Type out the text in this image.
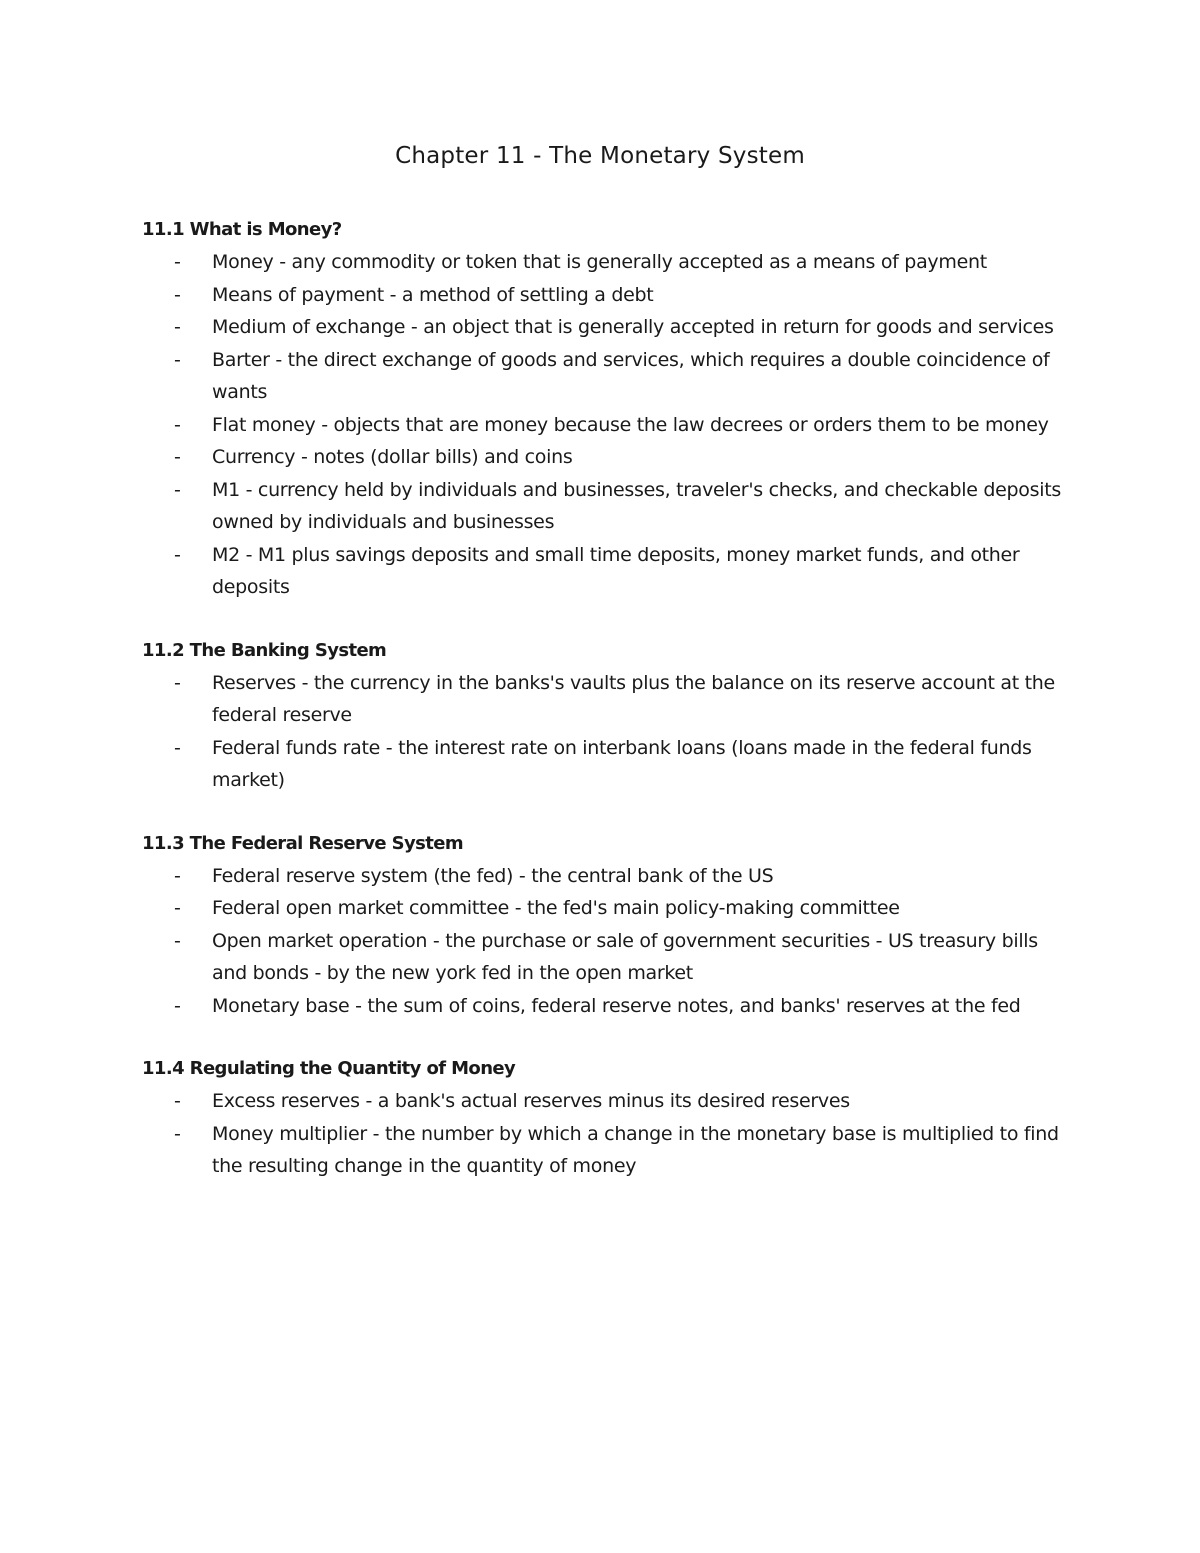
Chapter 11 - The Monetary System
11.1 What is Money?
- Money - any commodity or token that is generally accepted as a means of payment
- Means of payment - a method of settling a debt
- Medium of exchange - an object that is generally accepted in return for goods and services
- Barter - the direct exchange of goods and services, which requires a double coincidence of wants
- Flat money - objects that are money because the law decrees or orders them to be money
- Currency - notes (dollar bills) and coins
- M1 - currency held by individuals and businesses, traveler's checks, and checkable deposits owned by individuals and businesses
- M2 - M1 plus savings deposits and small time deposits, money market funds, and other deposits
11.2 The Banking System
- Reserves - the currency in the banks's vaults plus the balance on its reserve account at the federal reserve
- Federal funds rate - the interest rate on interbank loans (loans made in the federal funds market)
11.3 The Federal Reserve System
- Federal reserve system (the fed) - the central bank of the US
- Federal open market committee - the fed's main policy-making committee
- Open market operation - the purchase or sale of government securities - US treasury bills and bonds - by the new york fed in the open market
- Monetary base - the sum of coins, federal reserve notes, and banks' reserves at the fed
11.4 Regulating the Quantity of Money
- Excess reserves - a bank's actual reserves minus its desired reserves
- Money multiplier - the number by which a change in the monetary base is multiplied to find the resulting change in the quantity of money
